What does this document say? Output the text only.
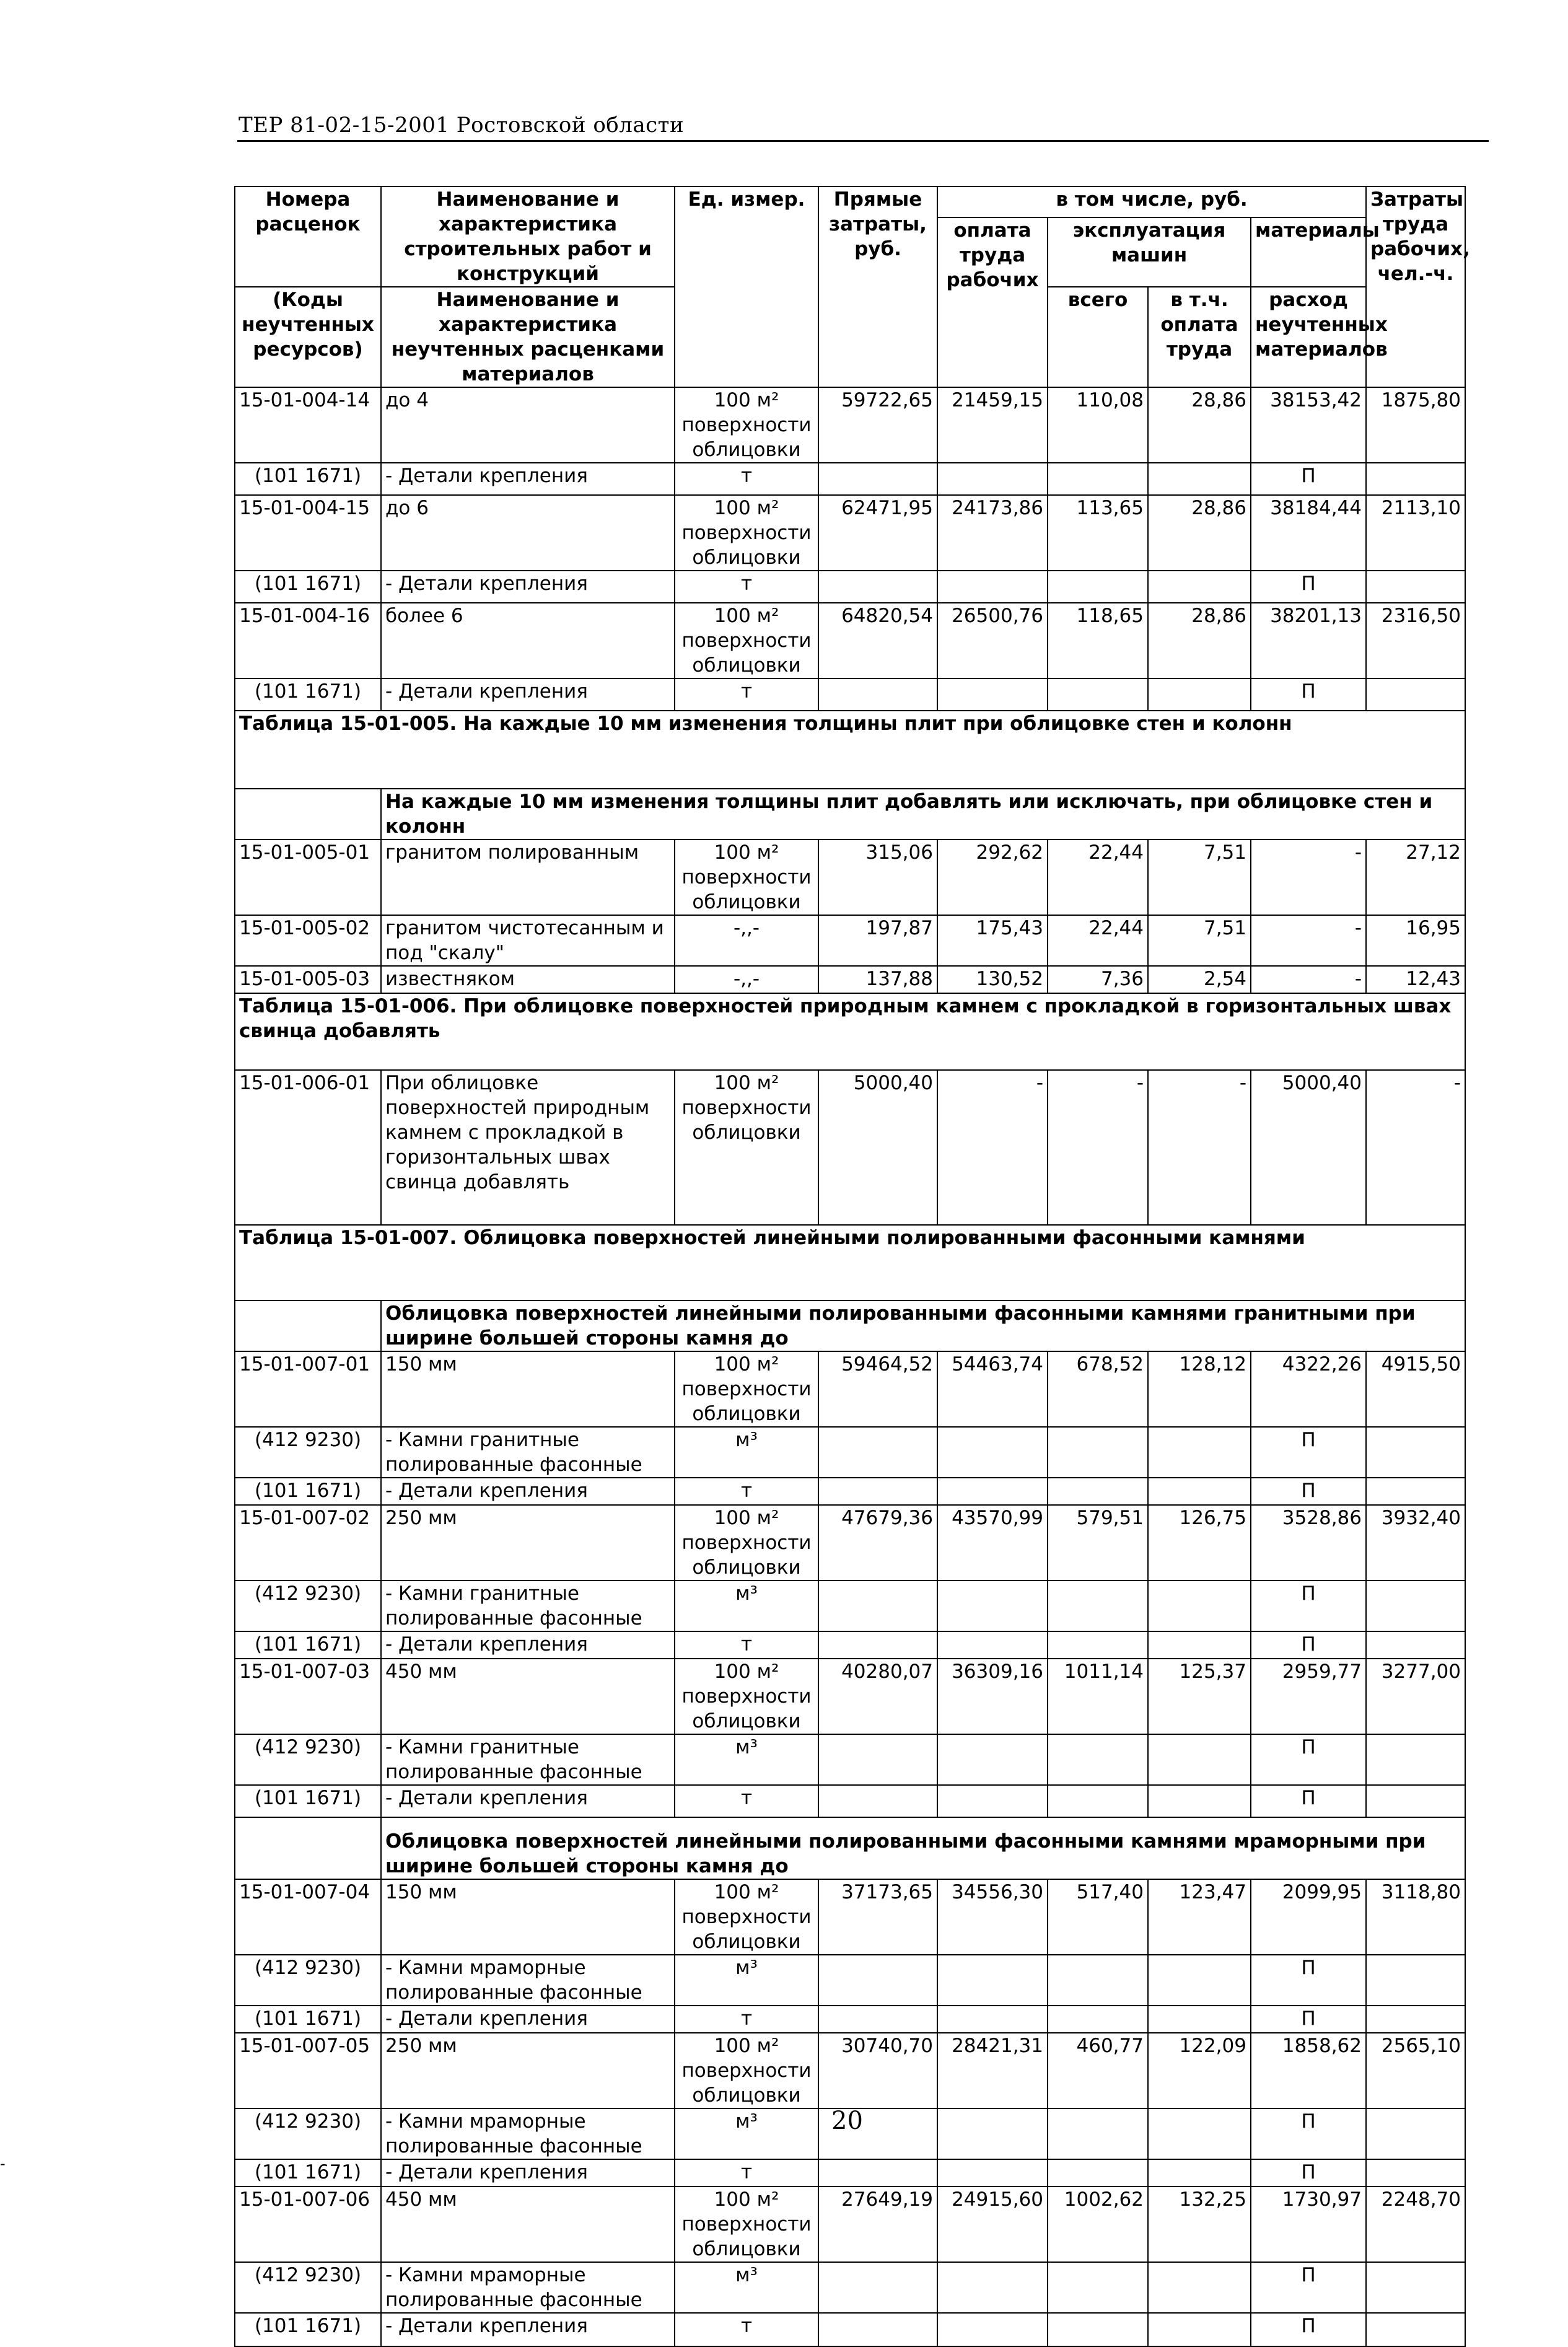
ТЕР 81-02-15-2001 Ростовской области
Номера расценок	Наименование и характеристика строительных работ и конструкций	Ед. измер.	Прямые затраты, руб.	в том числе, руб.				Затраты труда рабочих, чел.-ч.
				оплата труда рабочих	эксплуатация машин		материалы	
(Коды неучтенных ресурсов)	Наименование и характеристика неучтенных расценками материалов				всего	в т.ч. оплата труда	расход неучтенных материалов	

15-01-004-14	до 4	100 м² поверхности облицовки	59722,65	21459,15	110,08	28,86	38153,42	1875,80
(101 1671)	- Детали крепления	т					П	
15-01-004-15	до 6	100 м² поверхности облицовки	62471,95	24173,86	113,65	28,86	38184,44	2113,10
(101 1671)	- Детали крепления	т					П	
15-01-004-16	более 6	100 м² поверхности облицовки	64820,54	26500,76	118,65	28,86	38201,13	2316,50
(101 1671)	- Детали крепления	т					П	
Таблица 15-01-005. На каждые 10 мм изменения толщины плит при облицовке стен и колонн								
	На каждые 10 мм изменения толщины плит добавлять или исключать, при облицовке стен и колонн							
15-01-005-01	гранитом полированным	100 м² поверхности облицовки	315,06	292,62	22,44	7,51	-	27,12
15-01-005-02	гранитом чистотесанным и под "скалу"	-,,-	197,87	175,43	22,44	7,51	-	16,95
15-01-005-03	известняком	-,,-	137,88	130,52	7,36	2,54	-	12,43
Таблица 15-01-006. При облицовке поверхностей природным камнем с прокладкой в горизонтальных швах свинца добавлять								
15-01-006-01	При облицовке поверхностей природным камнем с прокладкой в горизонтальных швах свинца добавлять	100 м² поверхности облицовки	5000,40	-	-	-	5000,40	-
Таблица 15-01-007. Облицовка поверхностей линейными полированными фасонными камнями								
	Облицовка поверхностей линейными полированными фасонными камнями гранитными при ширине большей стороны камня до							
15-01-007-01	150 мм	100 м² поверхности облицовки	59464,52	54463,74	678,52	128,12	4322,26	4915,50
(412 9230)	- Камни гранитные полированные фасонные	м³					П	
(101 1671)	- Детали крепления	т					П	
15-01-007-02	250 мм	100 м² поверхности облицовки	47679,36	43570,99	579,51	126,75	3528,86	3932,40
(412 9230)	- Камни гранитные полированные фасонные	м³					П	
(101 1671)	- Детали крепления	т					П	
15-01-007-03	450 мм	100 м² поверхности облицовки	40280,07	36309,16	1011,14	125,37	2959,77	3277,00
(412 9230)	- Камни гранитные полированные фасонные	м³					П	
(101 1671)	- Детали крепления	т					П	
	Облицовка поверхностей линейными полированными фасонными камнями мраморными при ширине большей стороны камня до							
15-01-007-04	150 мм	100 м² поверхности облицовки	37173,65	34556,30	517,40	123,47	2099,95	3118,80
(412 9230)	- Камни мраморные полированные фасонные	м³					П	
(101 1671)	- Детали крепления	т					П	
15-01-007-05	250 мм	100 м² поверхности облицовки	30740,70	28421,31	460,77	122,09	1858,62	2565,10
(412 9230)	- Камни мраморные полированные фасонные	м³					П	
(101 1671)	- Детали крепления	т					П	
15-01-007-06	450 мм	100 м² поверхности облицовки	27649,19	24915,60	1002,62	132,25	1730,97	2248,70
(412 9230)	- Камни мраморные полированные фасонные	м³					П	
(101 1671)	- Детали крепления	т					П	
20
-
